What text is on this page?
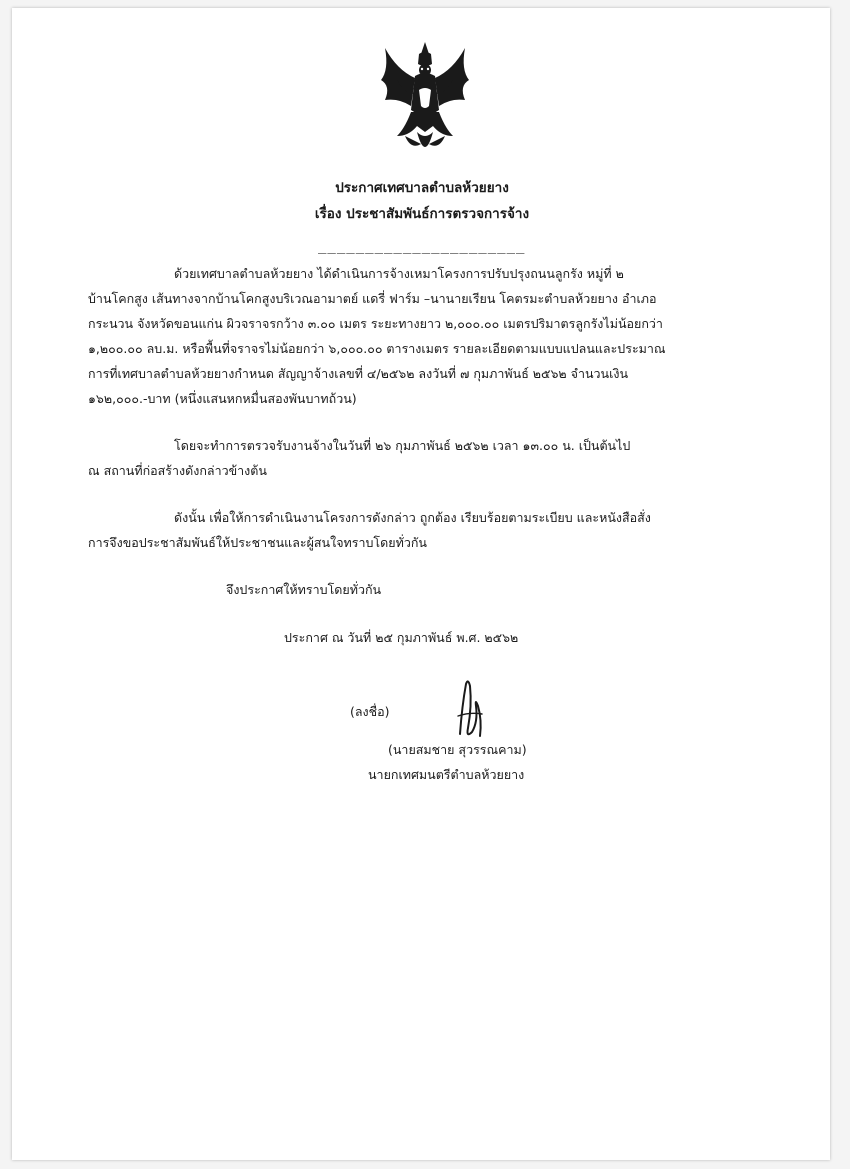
ประกาศเทศบาลตำบลห้วยยาง
เรื่อง ประชาสัมพันธ์การตรวจการจ้าง
______________________
ด้วยเทศบาลตำบลห้วยยาง ได้ดำเนินการจ้างเหมาโครงการปรับปรุงถนนลูกรัง หมู่ที่ ๒
บ้านโคกสูง เส้นทางจากบ้านโคกสูงบริเวณอามาตย์ แดรี่ ฟาร์ม –นานายเรียน โคตรมะตำบลห้วยยาง อำเภอ
กระนวน จังหวัดขอนแก่น ผิวจราจรกว้าง ๓.๐๐ เมตร ระยะทางยาว ๒,๐๐๐.๐๐ เมตรปริมาตรลูกรังไม่น้อยกว่า
๑,๒๐๐.๐๐ ลบ.ม. หรือพื้นที่จราจรไม่น้อยกว่า ๖,๐๐๐.๐๐ ตารางเมตร รายละเอียดตามแบบแปลนและประมาณ
การที่เทศบาลตำบลห้วยยางกำหนด สัญญาจ้างเลขที่ ๔/๒๕๖๒ ลงวันที่ ๗ กุมภาพันธ์ ๒๕๖๒ จำนวนเงิน
๑๖๒,๐๐๐.-บาท (หนึ่งแสนหกหมื่นสองพันบาทถ้วน)
โดยจะทำการตรวจรับงานจ้างในวันที่ ๒๖ กุมภาพันธ์ ๒๕๖๒ เวลา ๑๓.๐๐ น. เป็นต้นไป
ณ สถานที่ก่อสร้างดังกล่าวข้างต้น
ดังนั้น เพื่อให้การดำเนินงานโครงการดังกล่าว ถูกต้อง เรียบร้อยตามระเบียบ และหนังสือสั่ง
การจึงขอประชาสัมพันธ์ให้ประชาชนและผู้สนใจทราบโดยทั่วกัน
จึงประกาศให้ทราบโดยทั่วกัน
ประกาศ ณ วันที่ ๒๕ กุมภาพันธ์ พ.ศ. ๒๕๖๒
(ลงชื่อ)
(นายสมชาย สุวรรณคาม)
นายกเทศมนตรีตำบลห้วยยาง
